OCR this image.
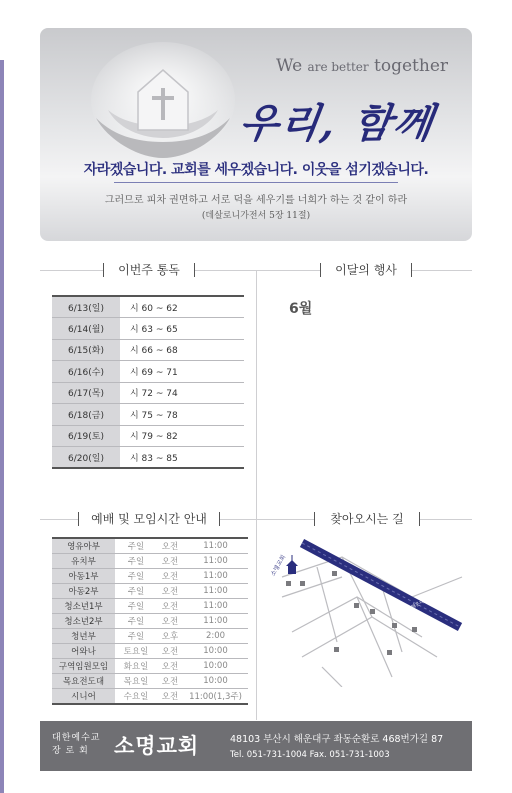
We are better together
우리, 함께
자라겠습니다. 교회를 세우겠습니다. 이웃을 섬기겠습니다.
그러므로 피차 권면하고 서로 덕을 세우기를 너희가 하는 것 같이 하라
(데살로니가전서 5장 11절)
이번주 통독	이달의 행사
예배 및 모임시간 안내	찾아오시는 길
6/13(일)	시 60 ~ 62
6/14(월)	시 63 ~ 65
6/15(화)	시 66 ~ 68
6/16(수)	시 69 ~ 71
6/17(목)	시 72 ~ 74
6/18(금)	시 75 ~ 78
6/19(토)	시 79 ~ 82
6/20(일)	시 83 ~ 85
6월
영유아부	주일	오전	11:00
유치부	주일	오전	11:00
아동1부	주일	오전	11:00
아동2부	주일	오전	11:00
청소년1부	주일	오전	11:00
청소년2부	주일	오전	11:00
청년부	주일	오후	2:00
어와나	토요일	오전	10:00
구역임원모임	화요일	오전	10:00
목요전도대	목요일	오전	10:00
시니어	수요일	오전	11:00(1,3주)
소명교회
해운대로 468번가길
대한예수교
장 로 회	소명교회	48103 부산시 해운대구 좌동순환로 468번가길 87
Tel. 051-731-1004 Fax. 051-731-1003
